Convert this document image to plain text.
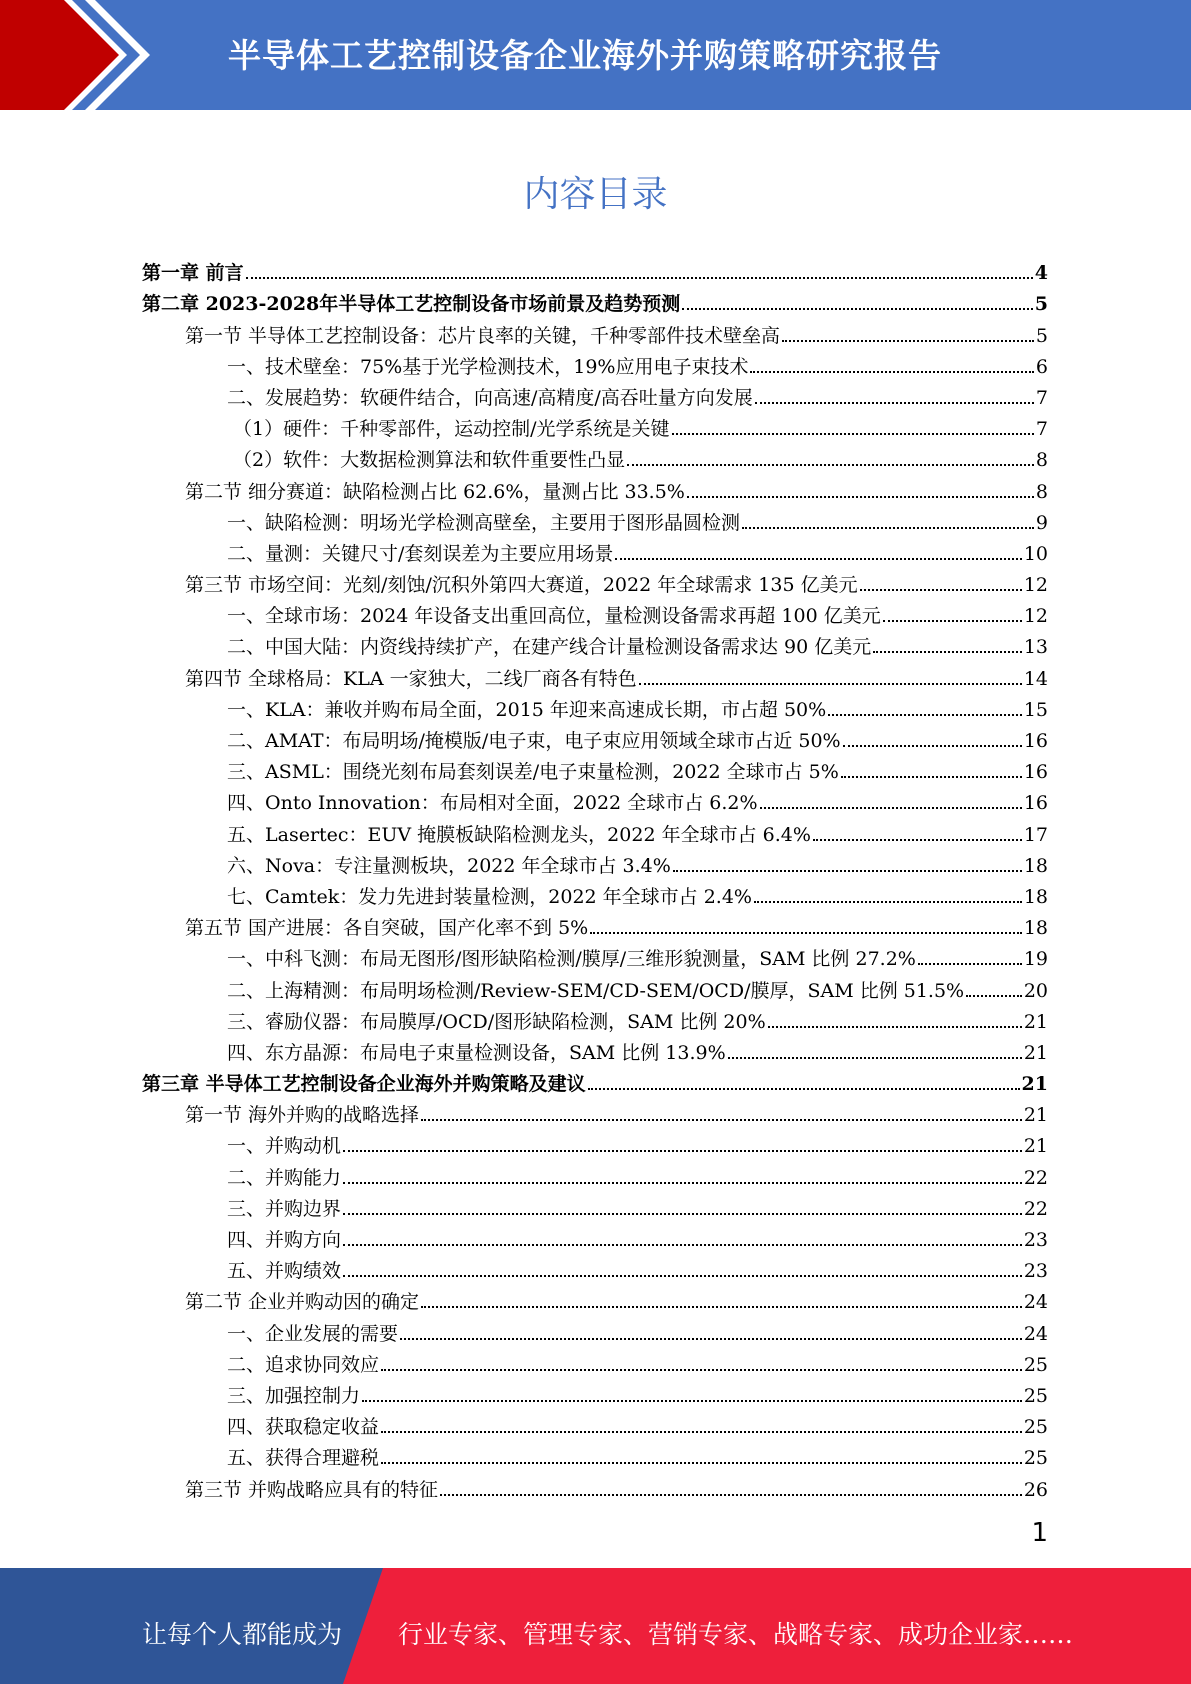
半导体工艺控制设备企业海外并购策略研究报告
内容目录
第一章 前言	4
第二章 2023-2028年半导体工艺控制设备市场前景及趋势预测	5
第一节 半导体工艺控制设备：芯片良率的关键，千种零部件技术壁垒高	5
一、技术壁垒：75%基于光学检测技术，19%应用电子束技术	6
二、发展趋势：软硬件结合，向高速/高精度/高吞吐量方向发展	7
（1）硬件：千种零部件，运动控制/光学系统是关键	7
（2）软件：大数据检测算法和软件重要性凸显	8
第二节 细分赛道：缺陷检测占比 62.6%，量测占比 33.5%	8
一、缺陷检测：明场光学检测高壁垒，主要用于图形晶圆检测	9
二、量测：关键尺寸/套刻误差为主要应用场景	10
第三节 市场空间：光刻/刻蚀/沉积外第四大赛道，2022 年全球需求 135 亿美元	12
一、全球市场：2024 年设备支出重回高位，量检测设备需求再超 100 亿美元	12
二、中国大陆：内资线持续扩产，在建产线合计量检测设备需求达 90 亿美元	13
第四节 全球格局：KLA 一家独大，二线厂商各有特色	14
一、KLA：兼收并购布局全面，2015 年迎来高速成长期，市占超 50%	15
二、AMAT：布局明场/掩模版/电子束，电子束应用领域全球市占近 50%	16
三、ASML：围绕光刻布局套刻误差/电子束量检测，2022 全球市占 5%	16
四、Onto Innovation：布局相对全面，2022 全球市占 6.2%	16
五、Lasertec：EUV 掩膜板缺陷检测龙头，2022 年全球市占 6.4%	17
六、Nova：专注量测板块，2022 年全球市占 3.4%	18
七、Camtek：发力先进封装量检测，2022 年全球市占 2.4%	18
第五节 国产进展：各自突破，国产化率不到 5%	18
一、中科飞测：布局无图形/图形缺陷检测/膜厚/三维形貌测量，SAM 比例 27.2%	19
二、上海精测：布局明场检测/Review-SEM/CD-SEM/OCD/膜厚，SAM 比例 51.5%	20
三、睿励仪器：布局膜厚/OCD/图形缺陷检测，SAM 比例 20%	21
四、东方晶源：布局电子束量检测设备，SAM 比例 13.9%	21
第三章 半导体工艺控制设备企业海外并购策略及建议	21
第一节 海外并购的战略选择	21
一、并购动机	21
二、并购能力	22
三、并购边界	22
四、并购方向	23
五、并购绩效	23
第二节 企业并购动因的确定	24
一、企业发展的需要	24
二、追求协同效应	25
三、加强控制力	25
四、获取稳定收益	25
五、获得合理避税	25
第三节 并购战略应具有的特征	26
1
让每个人都能成为 行业专家、管理专家、营销专家、战略专家、成功企业家……
